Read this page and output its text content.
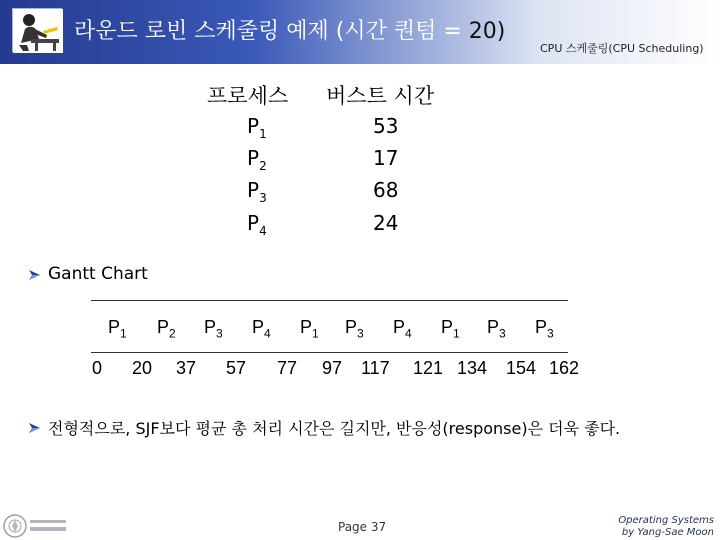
라운드 로빈 스케줄링 예제 (시간 퀀텀 = 20)
CPU 스케줄링(CPU Scheduling)
프로세스 버스트 시간
$P_1$	53
$P_2$	17
$P_3$	68
$P_4$	24
Gantt Chart
$P_1$ $P_2$ $P_3$ $P_4$ $P_1$ $P_3$ $P_4$ $P_1$ $P_3$ $P_3$
0 20 37 57 77 97 117 121 134 154 162
전형적으로, SJF보다 평균 총 처리 시간은 길지만, 반응성(response)은 더욱 좋다.
Page 37	Operating Systems
by Yang-Sae Moon
